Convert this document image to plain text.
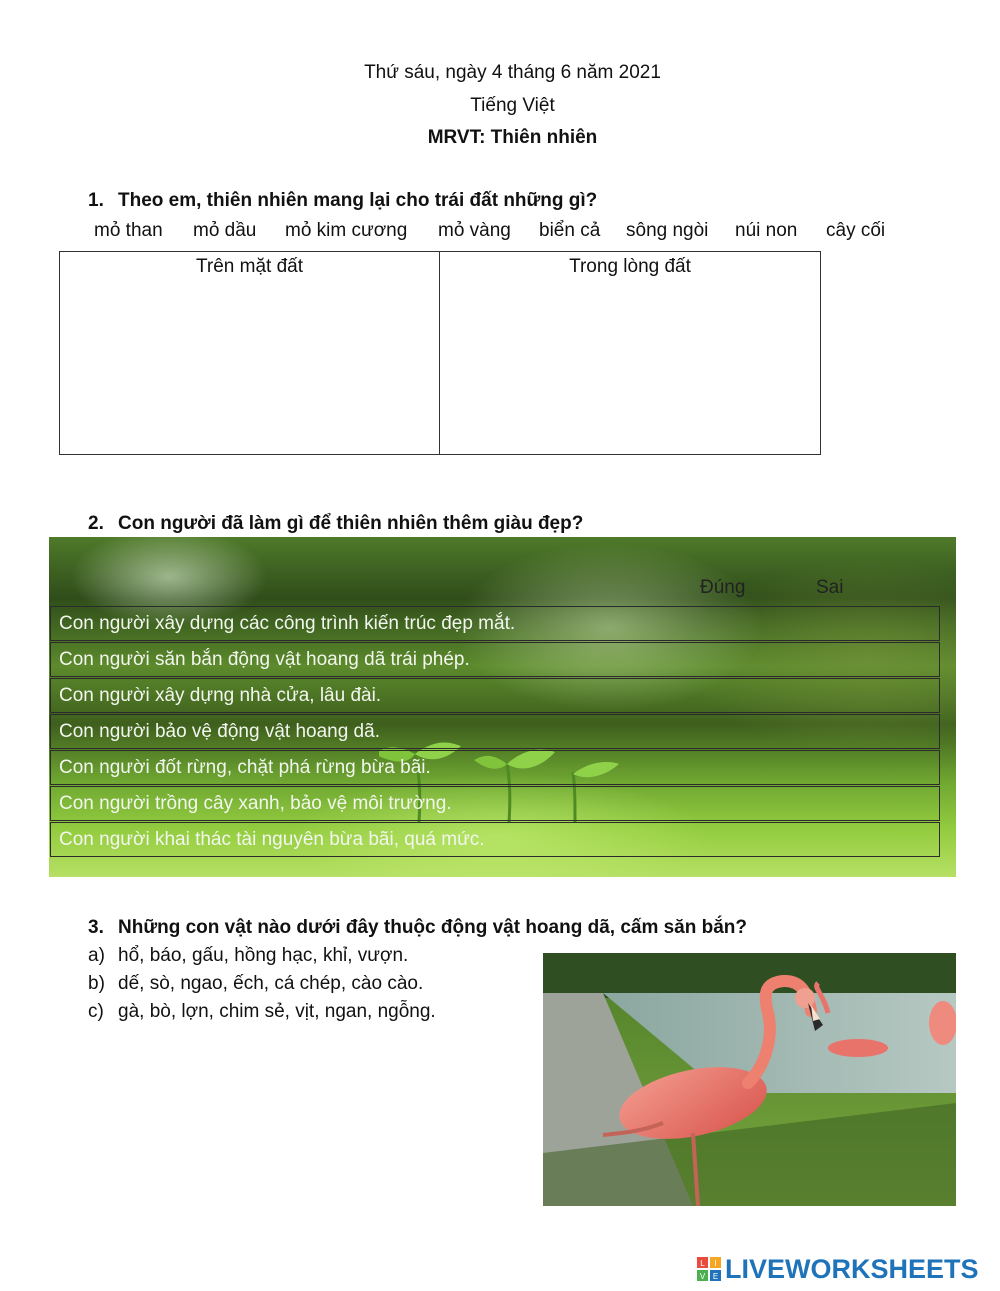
Thứ sáu, ngày 4 tháng 6 năm 2021
Tiếng Việt
MRVT: Thiên nhiên
1. Theo em, thiên nhiên mang lại cho trái đất những gì?
mỏ than mỏ dầu mỏ kim cương mỏ vàng biển cả sông ngòi núi non cây cối
Trên mặt đất	Trong lòng đất
2. Con người đã làm gì để thiên nhiên thêm giàu đẹp?
Đúng	Sai
Con người xây dựng các công trình kiến trúc đẹp mắt.
Con người săn bắn động vật hoang dã trái phép.
Con người xây dựng nhà cửa, lâu đài.
Con người bảo vệ động vật hoang dã.
Con người đốt rừng, chặt phá rừng bừa bãi.
Con người trồng cây xanh, bảo vệ môi trường.
Con người khai thác tài nguyên bừa bãi, quá mức.
3. Những con vật nào dưới đây thuộc động vật hoang dã, cấm săn bắn?
a) hổ, báo, gấu, hồng hạc, khỉ, vượn.
b) dế, sò, ngao, ếch, cá chép, cào cào.
c) gà, bò, lợn, chim sẻ, vịt, ngan, ngỗng.
L I
V E LIVEWORKSHEETS
